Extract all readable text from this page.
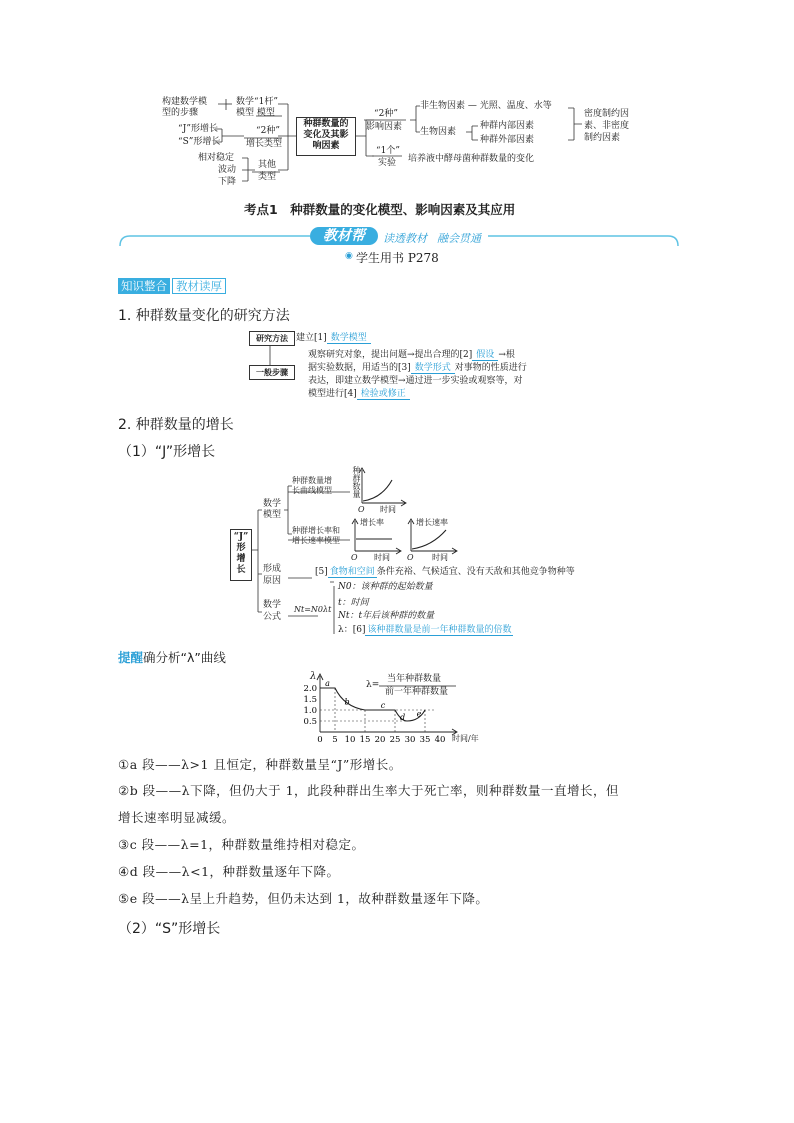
构建数学模
型的步骤
“J”形增长
“S”形增长
相对稳定
波动
下降
数学“1杆”
模型 模型
“2种”
增长类型
其他
类型
种群数量的
变化及其影
响因素
“2种”
影响因素
“1个”
实验
非生物因素 — 光照、温度、水等
生物因素
种群内部因素
种群外部因素
密度制约因
素、非密度
制约因素
培养液中酵母菌种群数量的变化
考点1　种群数量的变化模型、影响因素及其应用
教材帮	读透教材 融会贯通
◉ 学生用书 P278
知识整合 教材读厚
1. 种群数量变化的研究方法
研究方法
一般步骤
建立[1] 数学模型
观察研究对象，提出问题→提出合理的[2] 假设 →根
据实验数据，用适当的[3] 数学形式 对事物的性质进行
表达，即建立数学模型→通过进一步实验或观察等，对
模型进行[4] 检验或修正
2. 种群数量的增长
（1）“J”形增长
“J”
形
增
长
数学
模型
种群数量增
长曲线模型
种群增长率和
增长速率模型
种群数量
O 时间
增长率
O 时间
增长速率
O 时间
形成
原因
[5] 食物和空间 条件充裕、气候适宜、没有天敌和其他竞争物种等
数学
公式
Nt=N0λt
N0：该种群的起始数量
t：时间
Nt：t年后该种群的数量
λ：[6] 该种群数量是前一年种群数量的倍数
提醒确分析“λ”曲线
2.0
1.5
1.0
0.5
0 5 10 15 20 25 30 35 40
a
b	c
d e
λ
时间/年
λ=
当年种群数量
前一年种群数量
①a 段——λ>1 且恒定，种群数量呈“J”形增长。
②b 段——λ下降，但仍大于 1，此段种群出生率大于死亡率，则种群数量一直增长，但
增长速率明显减缓。
③c 段——λ=1，种群数量维持相对稳定。
④d 段——λ<1，种群数量逐年下降。
⑤e 段——λ呈上升趋势，但仍未达到 1，故种群数量逐年下降。
（2）“S”形增长
